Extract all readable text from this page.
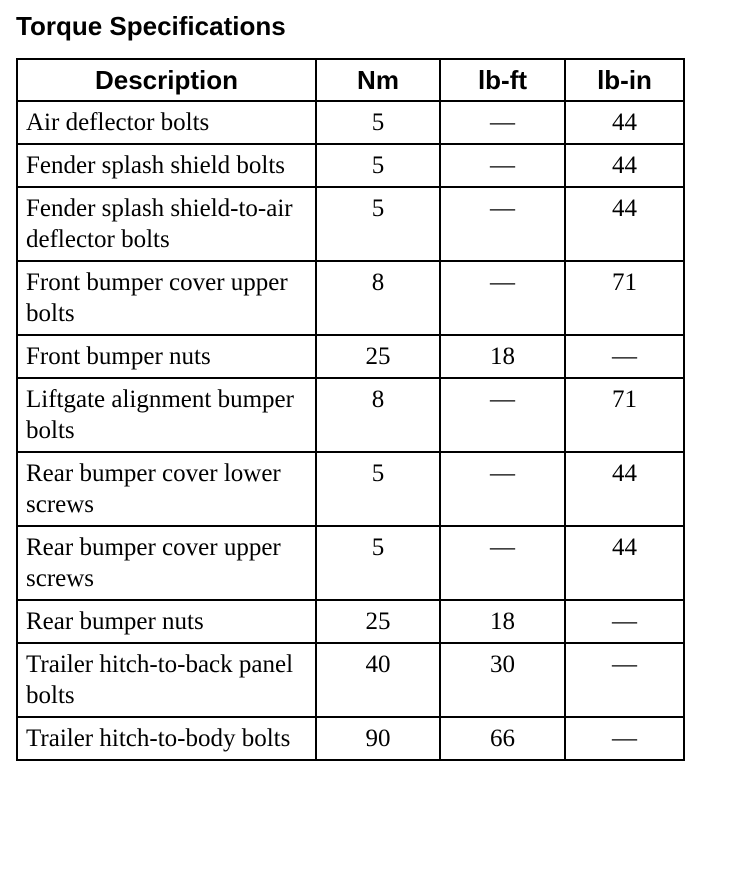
Torque Specifications
Description	Nm	lb-ft	lb-in
Air deflector bolts	5	—	44
Fender splash shield bolts	5	—	44
Fender splash shield-to-air deflector bolts	5	—	44
Front bumper cover upper bolts	8	—	71
Front bumper nuts	25	18	—
Liftgate alignment bumper bolts	8	—	71
Rear bumper cover lower screws	5	—	44
Rear bumper cover upper screws	5	—	44
Rear bumper nuts	25	18	—
Trailer hitch-to-back panel bolts	40	30	—
Trailer hitch-to-body bolts	90	66	—
